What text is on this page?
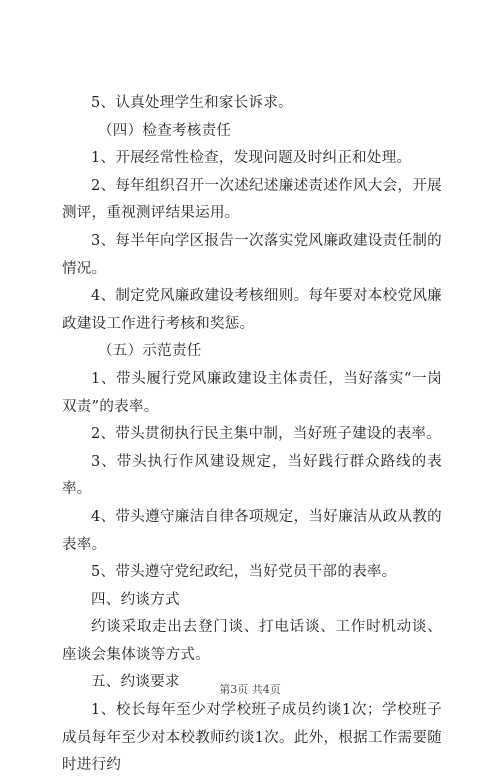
5、认真处理学生和家长诉求。

（四）检查考核责任

1、开展经常性检查，发现问题及时纠正和处理。

2、每年组织召开一次述纪述廉述责述作风大会，开展测评，重视测评结果运用。

3、每半年向学区报告一次落实党风廉政建设责任制的情况。

4、制定党风廉政建设考核细则。每年要对本校党风廉政建设工作进行考核和奖惩。

（五）示范责任

1、带头履行党风廉政建设主体责任，当好落实“一岗双责”的表率。

2、带头贯彻执行民主集中制，当好班子建设的表率。

3、带头执行作风建设规定，当好践行群众路线的表率。

4、带头遵守廉洁自律各项规定，当好廉洁从政从教的表率。

5、带头遵守党纪政纪，当好党员干部的表率。

四、约谈方式

约谈采取走出去登门谈、打电话谈、工作时机动谈、座谈会集体谈等方式。

五、约谈要求

1、校长每年至少对学校班子成员约谈1次；学校班子成员每年至少对本校教师约谈1次。此外，根据工作需要随时进行约

第3页 共4页
